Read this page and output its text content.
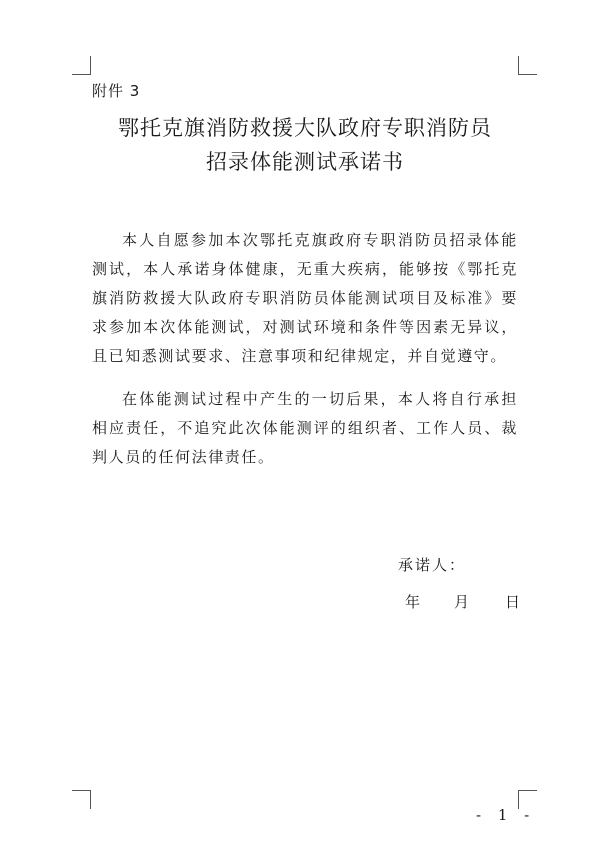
附件 3
鄂托克旗消防救援大队政府专职消防员
招录体能测试承诺书

本人自愿参加本次鄂托克旗政府专职消防员招录体能测试，本人承诺身体健康，无重大疾病，能够按《鄂托克旗消防救援大队政府专职消防员体能测试项目及标准》要求参加本次体能测试，对测试环境和条件等因素无异议，且已知悉测试要求、注意事项和纪律规定，并自觉遵守。

在体能测试过程中产生的一切后果，本人将自行承担相应责任，不追究此次体能测评的组织者、工作人员、裁判人员的任何法律责任。

承诺人：
年 月 日
- 1 -
